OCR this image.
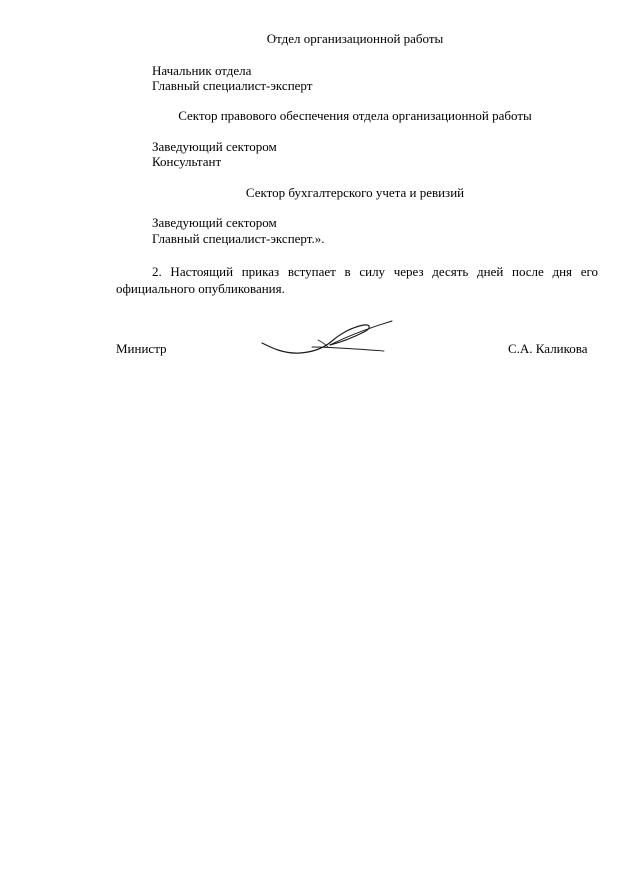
Отдел организационной работы
Начальник отдела
Главный специалист-эксперт
Сектор правового обеспечения отдела организационной работы
Заведующий сектором
Консультант
Сектор бухгалтерского учета и ревизий
Заведующий сектором
Главный специалист-эксперт.».
2. Настоящий приказ вступает в силу через десять дней после дня его
официального опубликования.
Министр	С.А. Каликова
